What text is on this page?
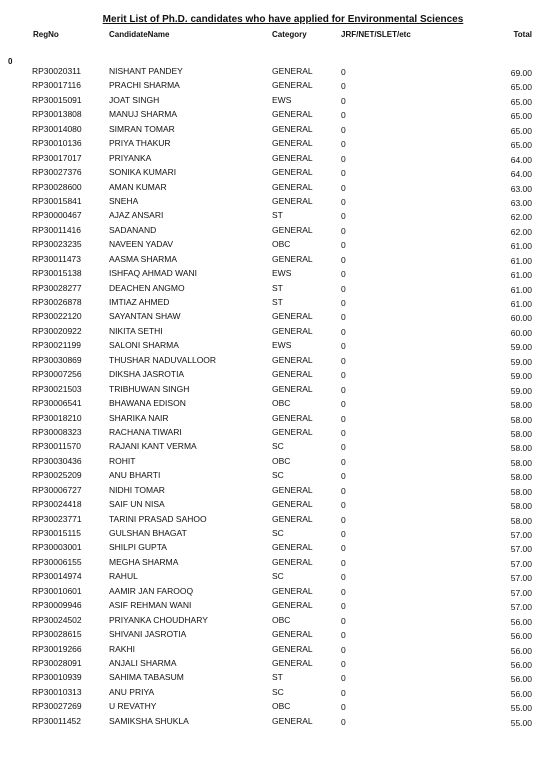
Merit List of Ph.D. candidates who have applied for Environmental Sciences
RegNo	CandidateName	Category	JRF/NET/SLET/etc	Total
0
RP30020311	NISHANT PANDEY	GENERAL	0	69.00
RP30017116	PRACHI SHARMA	GENERAL	0	65.00
RP30015091	JOAT SINGH	EWS	0	65.00
RP30013808	MANUJ SHARMA	GENERAL	0	65.00
RP30014080	SIMRAN TOMAR	GENERAL	0	65.00
RP30010136	PRIYA THAKUR	GENERAL	0	65.00
RP30017017	PRIYANKA	GENERAL	0	64.00
RP30027376	SONIKA KUMARI	GENERAL	0	64.00
RP30028600	AMAN KUMAR	GENERAL	0	63.00
RP30015841	SNEHA	GENERAL	0	63.00
RP30000467	AJAZ ANSARI	ST	0	62.00
RP30011416	SADANAND	GENERAL	0	62.00
RP30023235	NAVEEN YADAV	OBC	0	61.00
RP30011473	AASMA SHARMA	GENERAL	0	61.00
RP30015138	ISHFAQ AHMAD WANI	EWS	0	61.00
RP30028277	DEACHEN ANGMO	ST	0	61.00
RP30026878	IMTIAZ AHMED	ST	0	61.00
RP30022120	SAYANTAN SHAW	GENERAL	0	60.00
RP30020922	NIKITA SETHI	GENERAL	0	60.00
RP30021199	SALONI SHARMA	EWS	0	59.00
RP30030869	THUSHAR NADUVALLOOR	GENERAL	0	59.00
RP30007256	DIKSHA JASROTIA	GENERAL	0	59.00
RP30021503	TRIBHUWAN SINGH	GENERAL	0	59.00
RP30006541	BHAWANA EDISON	OBC	0	58.00
RP30018210	SHARIKA NAIR	GENERAL	0	58.00
RP30008323	RACHANA TIWARI	GENERAL	0	58.00
RP30011570	RAJANI KANT VERMA	SC	0	58.00
RP30030436	ROHIT	OBC	0	58.00
RP30025209	ANU BHARTI	SC	0	58.00
RP30006727	NIDHI TOMAR	GENERAL	0	58.00
RP30024418	SAIF UN NISA	GENERAL	0	58.00
RP30023771	TARINI PRASAD SAHOO	GENERAL	0	58.00
RP30015115	GULSHAN BHAGAT	SC	0	57.00
RP30003001	SHILPI GUPTA	GENERAL	0	57.00
RP30006155	MEGHA SHARMA	GENERAL	0	57.00
RP30014974	RAHUL	SC	0	57.00
RP30010601	AAMIR JAN FAROOQ	GENERAL	0	57.00
RP30009946	ASIF REHMAN WANI	GENERAL	0	57.00
RP30024502	PRIYANKA CHOUDHARY	OBC	0	56.00
RP30028615	SHIVANI JASROTIA	GENERAL	0	56.00
RP30019266	RAKHI	GENERAL	0	56.00
RP30028091	ANJALI SHARMA	GENERAL	0	56.00
RP30010939	SAHIMA TABASUM	ST	0	56.00
RP30010313	ANU PRIYA	SC	0	56.00
RP30027269	U REVATHY	OBC	0	55.00
RP30011452	SAMIKSHA SHUKLA	GENERAL	0	55.00
